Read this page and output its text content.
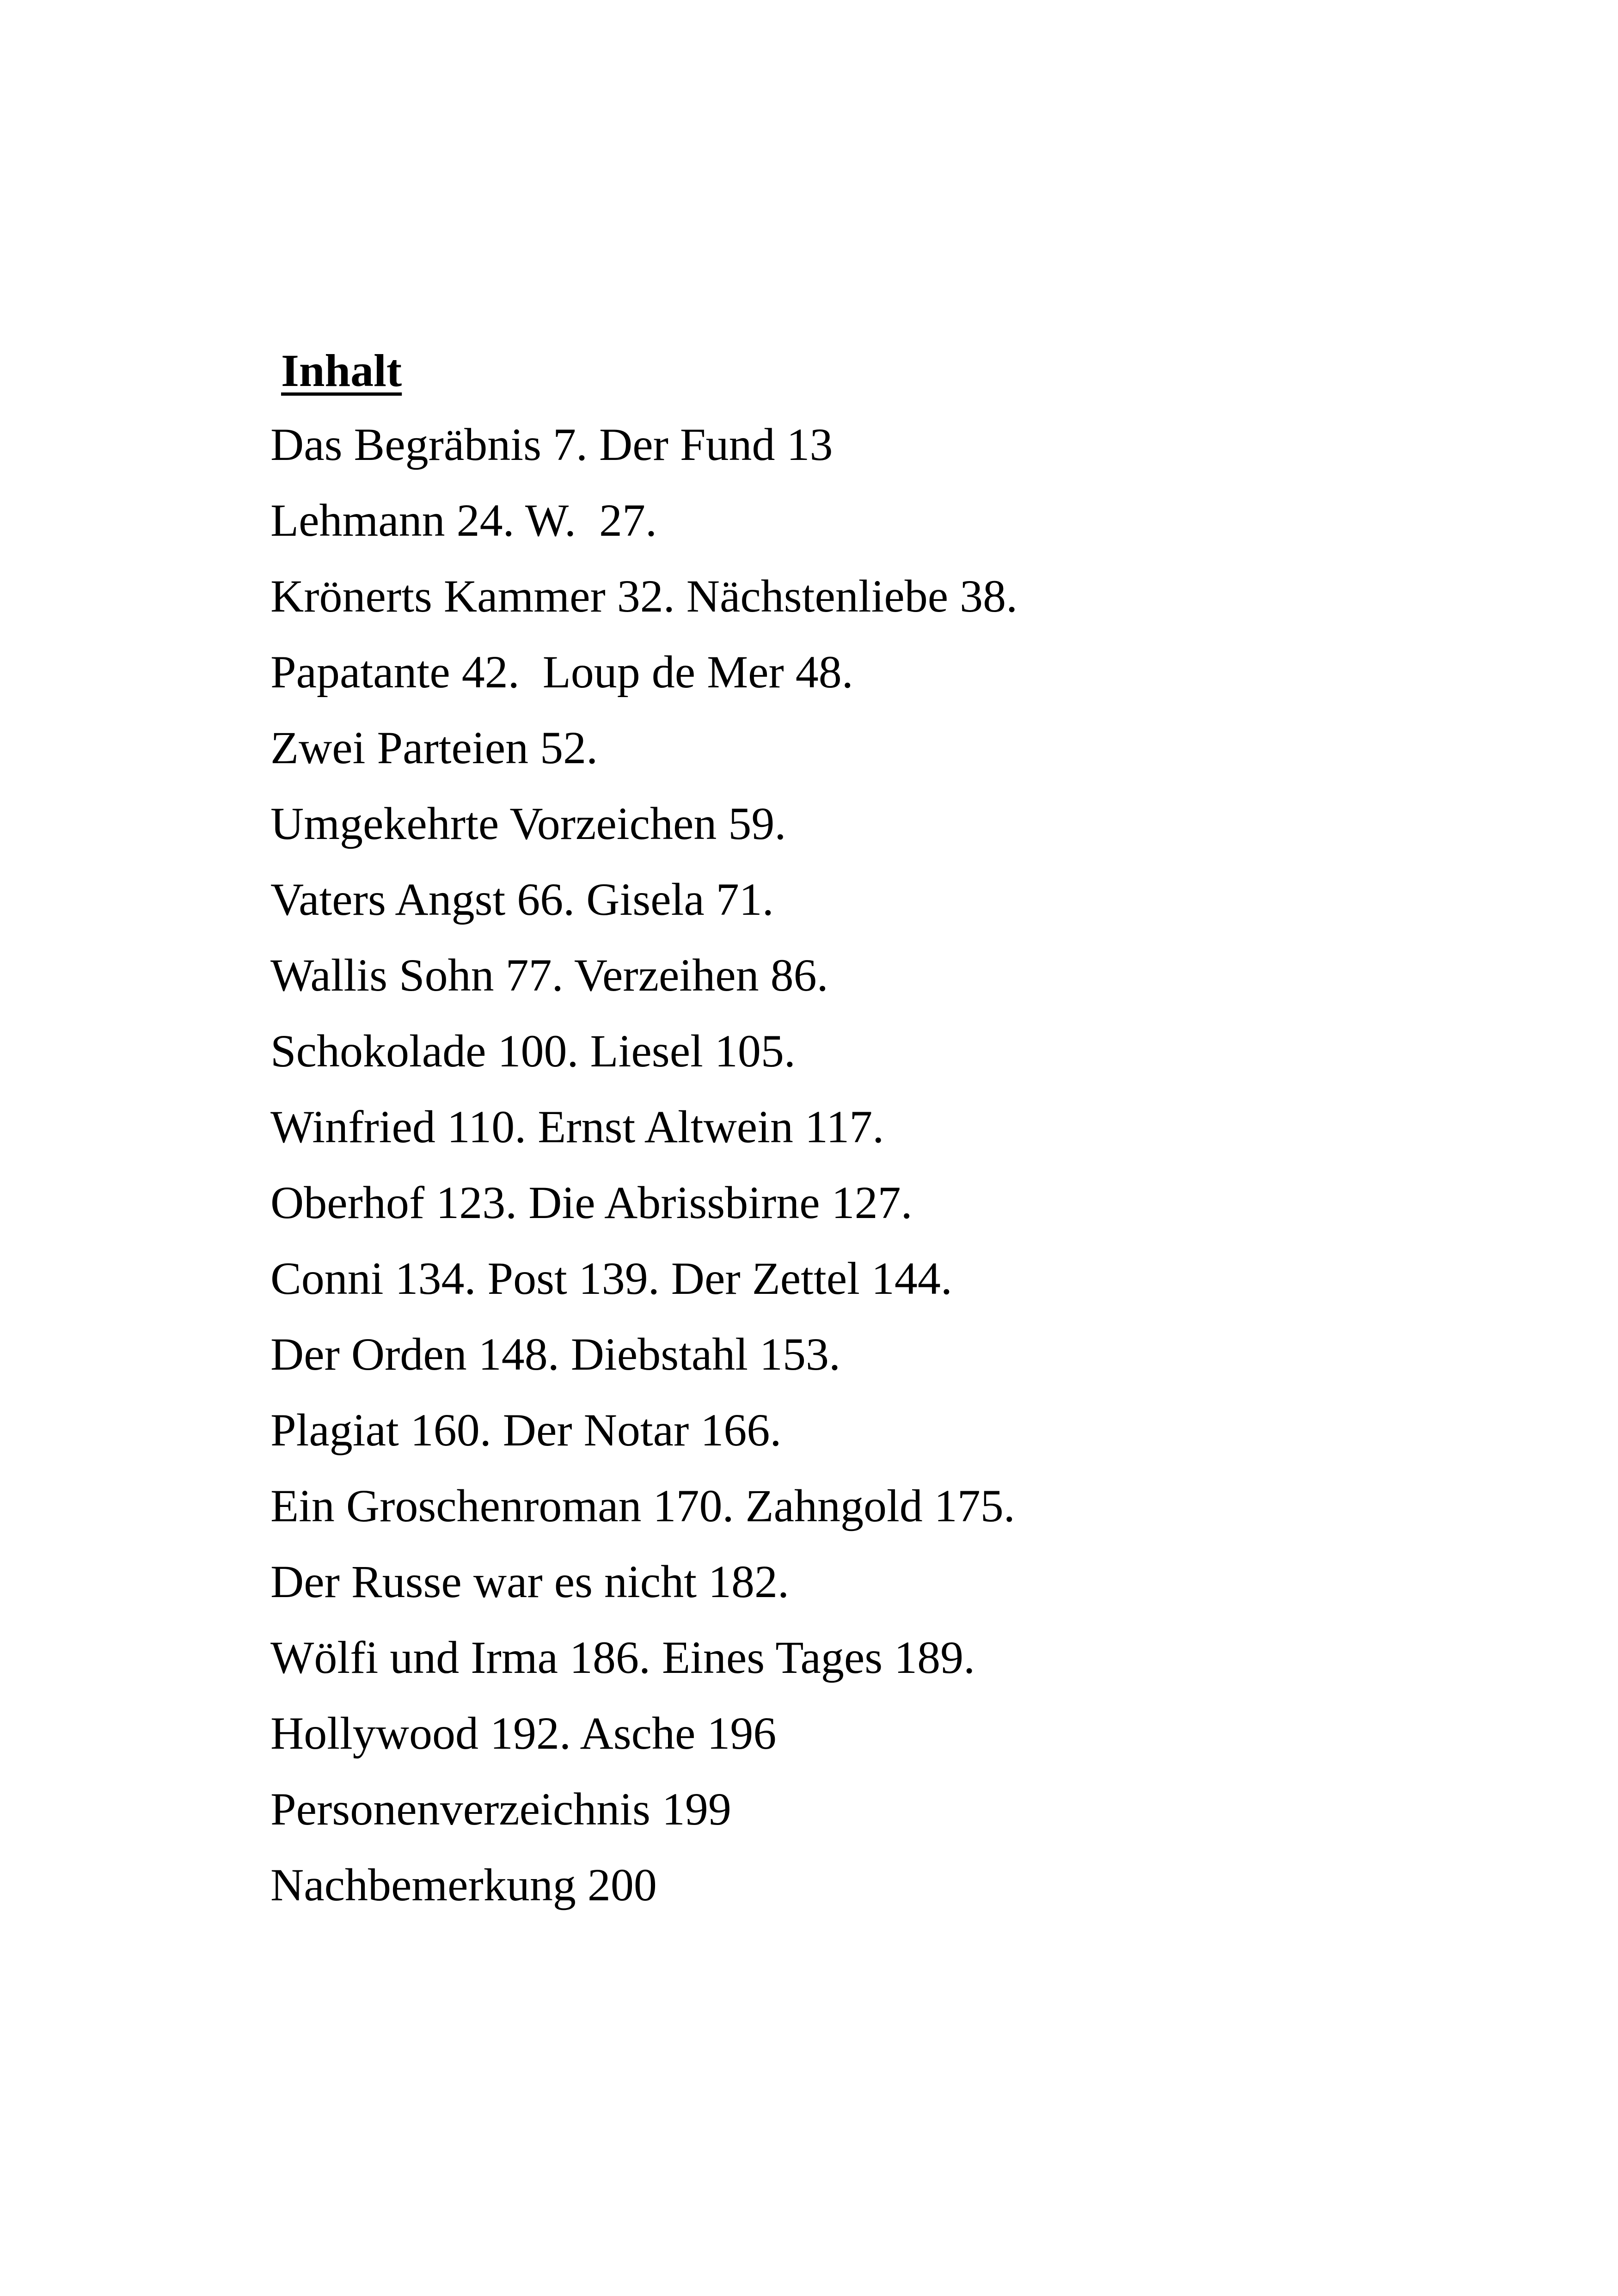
Inhalt
Das Begräbnis 7. Der Fund 13
Lehmann 24. W.  27.
Krönerts Kammer 32. Nächstenliebe 38.
Papatante 42.  Loup de Mer 48.
Zwei Parteien 52.
Umgekehrte Vorzeichen 59.
Vaters Angst 66. Gisela 71.
Wallis Sohn 77. Verzeihen 86.
Schokolade 100. Liesel 105.
Winfried 110. Ernst Altwein 117.
Oberhof 123. Die Abrissbirne 127.
Conni 134. Post 139. Der Zettel 144.
Der Orden 148. Diebstahl 153.
Plagiat 160. Der Notar 166.
Ein Groschenroman 170. Zahngold 175.
Der Russe war es nicht 182.
Wölfi und Irma 186. Eines Tages 189.
Hollywood 192. Asche 196
Personenverzeichnis 199
Nachbemerkung 200
